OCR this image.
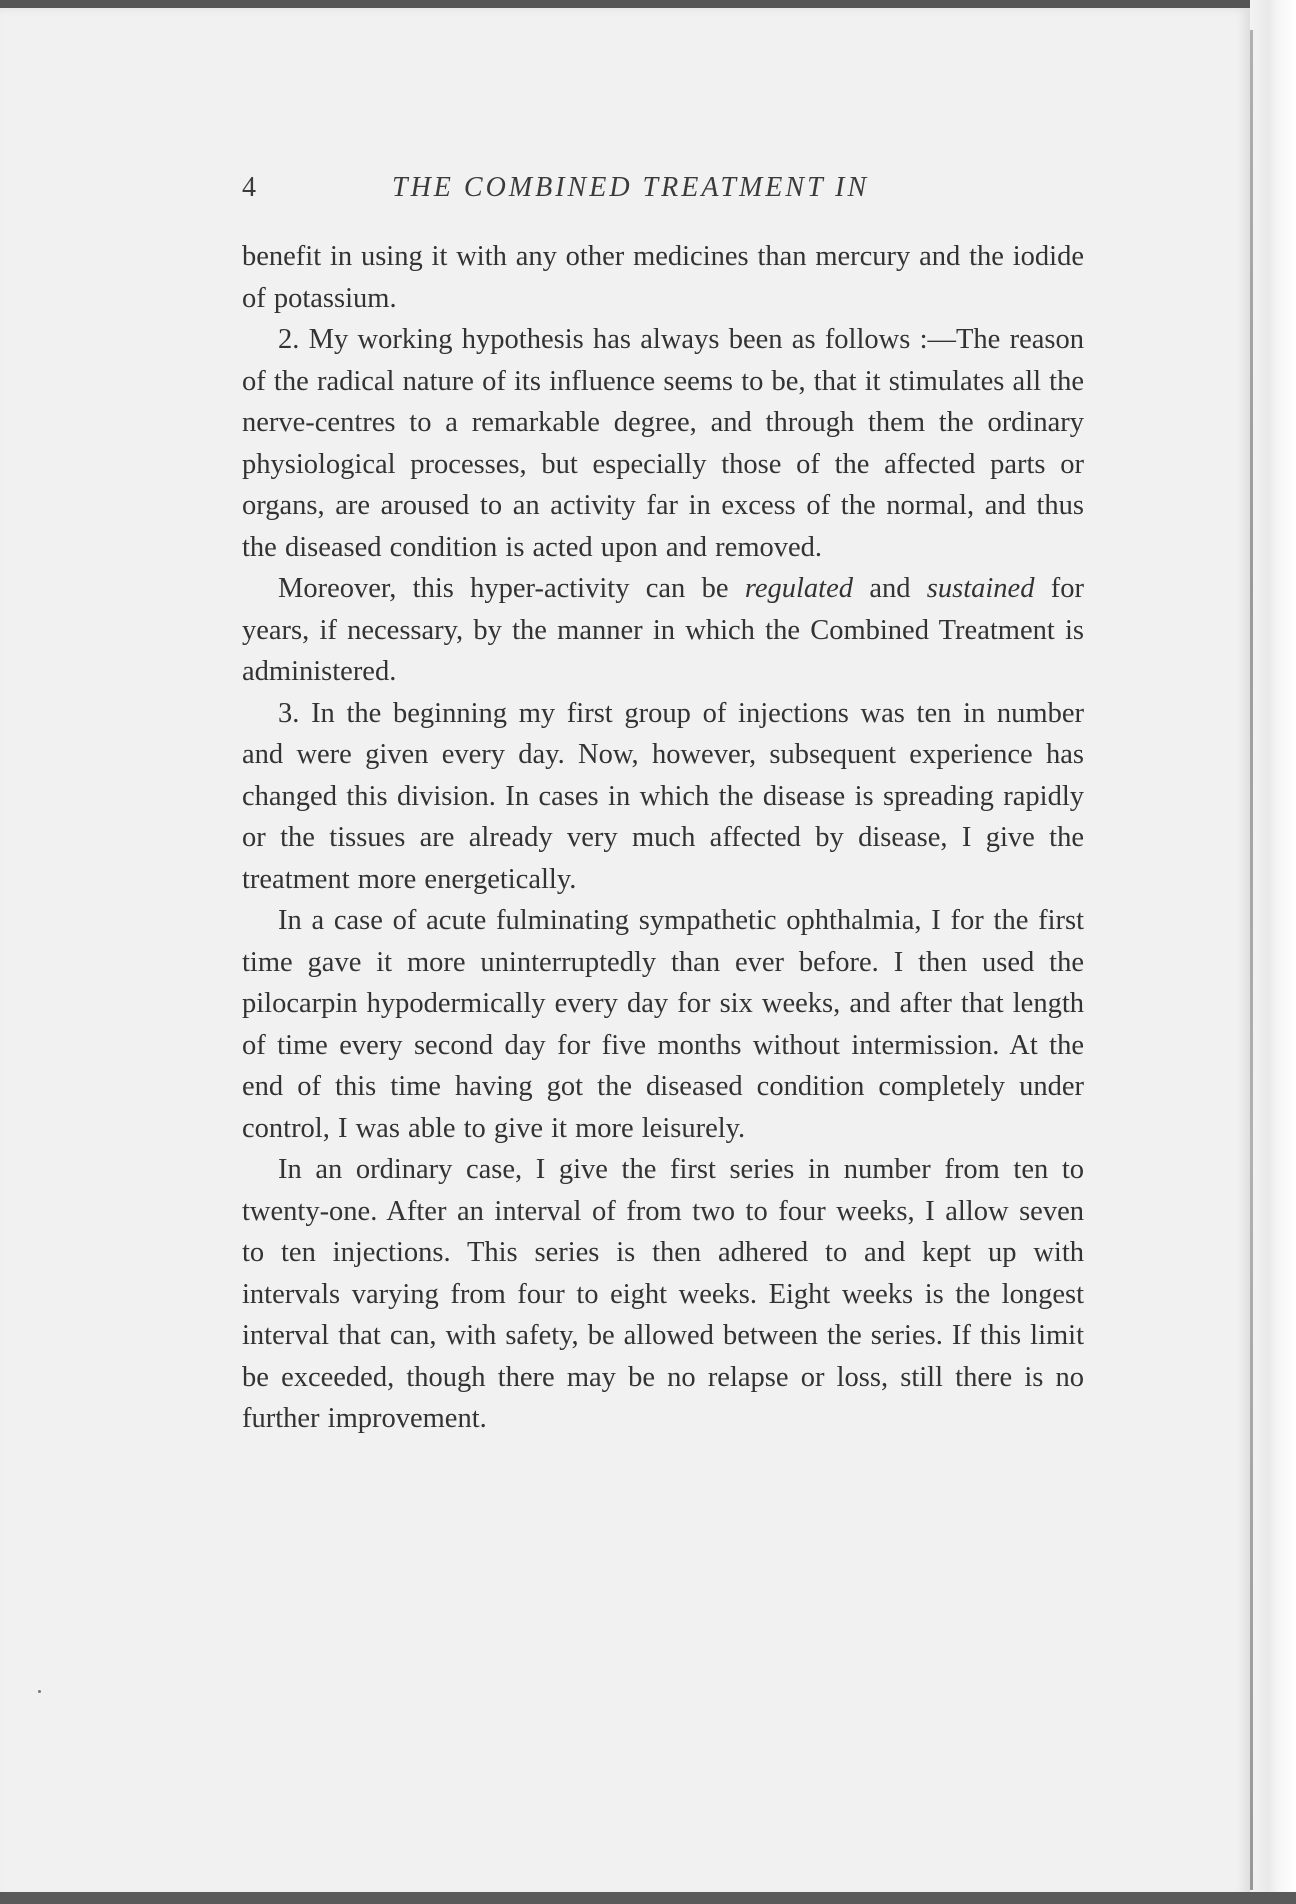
4	THE COMBINED TREATMENT IN

benefit in using it with any other medicines than mercury and the iodide of potassium.

2. My working hypothesis has always been as follows :—The reason of the radical nature of its influence seems to be, that it stimulates all the nerve-centres to a remarkable degree, and through them the ordinary physiological processes, but especially those of the affected parts or organs, are aroused to an activity far in excess of the normal, and thus the diseased condition is acted upon and removed.

Moreover, this hyper-activity can be regulated and sustained for years, if necessary, by the manner in which the Combined Treatment is administered.

3. In the beginning my first group of injections was ten in number and were given every day. Now, however, subsequent experience has changed this division. In cases in which the disease is spreading rapidly or the tissues are already very much affected by disease, I give the treatment more energetically.

In a case of acute fulminating sympathetic ophthalmia, I for the first time gave it more uninterruptedly than ever before. I then used the pilocarpin hypodermically every day for six weeks, and after that length of time every second day for five months without intermission. At the end of this time having got the diseased condition completely under control, I was able to give it more leisurely.

In an ordinary case, I give the first series in number from ten to twenty-one. After an interval of from two to four weeks, I allow seven to ten injections. This series is then adhered to and kept up with intervals varying from four to eight weeks. Eight weeks is the longest interval that can, with safety, be allowed between the series. If this limit be exceeded, though there may be no relapse or loss, still there is no further improvement.
